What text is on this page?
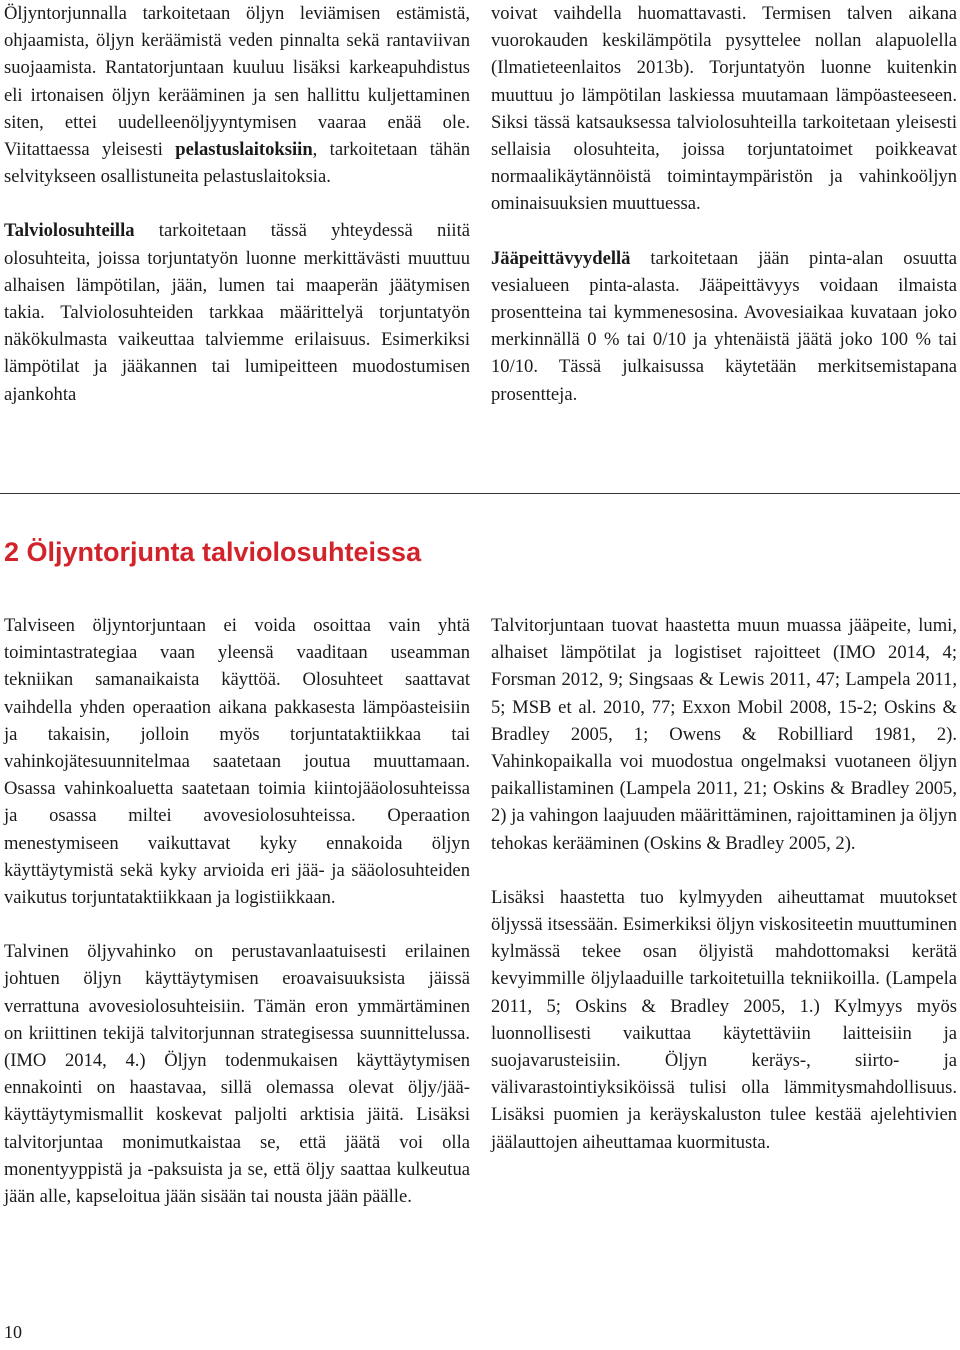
Öljyntorjunnalla tarkoitetaan öljyn leviämisen estämistä, ohjaamista, öljyn keräämistä veden pinnalta sekä rantaviivan suojaamista. Rantatorjuntaan kuuluu lisäksi karkeapuhdistus eli irtonaisen öljyn kerääminen ja sen hallittu kuljettaminen siten, ettei uudelleenöljyyntymisen vaaraa enää ole. Viitattaessa yleisesti pelastuslaitoksiin, tarkoitetaan tähän selvitykseen osallistuneita pelastuslaitoksia.

Talviolosuhteilla tarkoitetaan tässä yhteydessä niitä olosuhteita, joissa torjuntatyön luonne merkittävästi muuttuu alhaisen lämpötilan, jään, lumen tai maaperän jäätymisen takia. Talviolosuhteiden tarkkaa määrittelyä torjuntatyön näkökulmasta vaikeuttaa talviemme erilaisuus. Esimerkiksi lämpötilat ja jääkannen tai lumipeitteen muodostumisen ajankohta

voivat vaihdella huomattavasti. Termisen talven aikana vuorokauden keskilämpötila pysyttelee nollan alapuolella (Ilmatieteenlaitos 2013b). Torjuntatyön luonne kuitenkin muuttuu jo lämpötilan laskiessa muutamaan lämpöasteeseen. Siksi tässä katsauksessa talviolosuhteilla tarkoitetaan yleisesti sellaisia olosuhteita, joissa torjuntatoimet poikkeavat normaalikäytännöistä toimintaympäristön ja vahinkoöljyn ominaisuuksien muuttuessa.

Jääpeittävyydellä tarkoitetaan jään pinta-alan osuutta vesialueen pinta-alasta. Jääpeittävyys voidaan ilmaista prosentteina tai kymmenesosina. Avovesiaikaa kuvataan joko merkinnällä 0 % tai 0/10 ja yhtenäistä jäätä joko 100 % tai 10/10. Tässä julkaisussa käytetään merkitsemistapana prosentteja.

2 Öljyntorjunta talviolosuhteissa

Talviseen öljyntorjuntaan ei voida osoittaa vain yhtä toimintastrategiaa vaan yleensä vaaditaan useamman tekniikan samanaikaista käyttöä. Olosuhteet saattavat vaihdella yhden operaation aikana pakkasesta lämpöasteisiin ja takaisin, jolloin myös torjuntataktiikkaa tai vahinkojätesuunnitelmaa saatetaan joutua muuttamaan. Osassa vahinkoaluetta saatetaan toimia kiintojääolosuhteissa ja osassa miltei avovesiolosuhteissa. Operaation menestymiseen vaikuttavat kyky ennakoida öljyn käyttäytymistä sekä kyky arvioida eri jää- ja sääolosuhteiden vaikutus torjuntataktiikkaan ja logistiikkaan.

Talvinen öljyvahinko on perustavanlaatuisesti erilainen johtuen öljyn käyttäytymisen eroavaisuuksista jäissä verrattuna avovesiolosuhteisiin. Tämän eron ymmärtäminen on kriittinen tekijä talvitorjunnan strategisessa suunnittelussa. (IMO 2014, 4.) Öljyn todenmukaisen käyttäytymisen ennakointi on haastavaa, sillä olemassa olevat öljy/jää-käyttäytymismallit koskevat paljolti arktisia jäitä. Lisäksi talvitorjuntaa monimutkaistaa se, että jäätä voi olla monentyyppistä ja -paksuista ja se, että öljy saattaa kulkeutua jään alle, kapseloitua jään sisään tai nousta jään päälle.

Talvitorjuntaan tuovat haastetta muun muassa jääpeite, lumi, alhaiset lämpötilat ja logistiset rajoitteet (IMO 2014, 4; Forsman 2012, 9; Singsaas & Lewis 2011, 47; Lampela 2011, 5; MSB et al. 2010, 77; Exxon Mobil 2008, 15-2; Oskins & Bradley 2005, 1; Owens & Robilliard 1981, 2). Vahinkopaikalla voi muodostua ongelmaksi vuotaneen öljyn paikallistaminen (Lampela 2011, 21; Oskins & Bradley 2005, 2) ja vahingon laajuuden määrittäminen, rajoittaminen ja öljyn tehokas kerääminen (Oskins & Bradley 2005, 2).

Lisäksi haastetta tuo kylmyyden aiheuttamat muutokset öljyssä itsessään. Esimerkiksi öljyn viskositeetin muuttuminen kylmässä tekee osan öljyistä mahdottomaksi kerätä kevyimmille öljylaaduille tarkoitetuilla tekniikoilla. (Lampela 2011, 5; Oskins & Bradley 2005, 1.) Kylmyys myös luonnollisesti vaikuttaa käytettäviin laitteisiin ja suojavarusteisiin. Öljyn keräys-, siirto- ja välivarastointiyksiköissä tulisi olla lämmitysmahdollisuus. Lisäksi puomien ja keräyskaluston tulee kestää ajelehtivien jäälauttojen aiheuttamaa kuormitusta.

10
